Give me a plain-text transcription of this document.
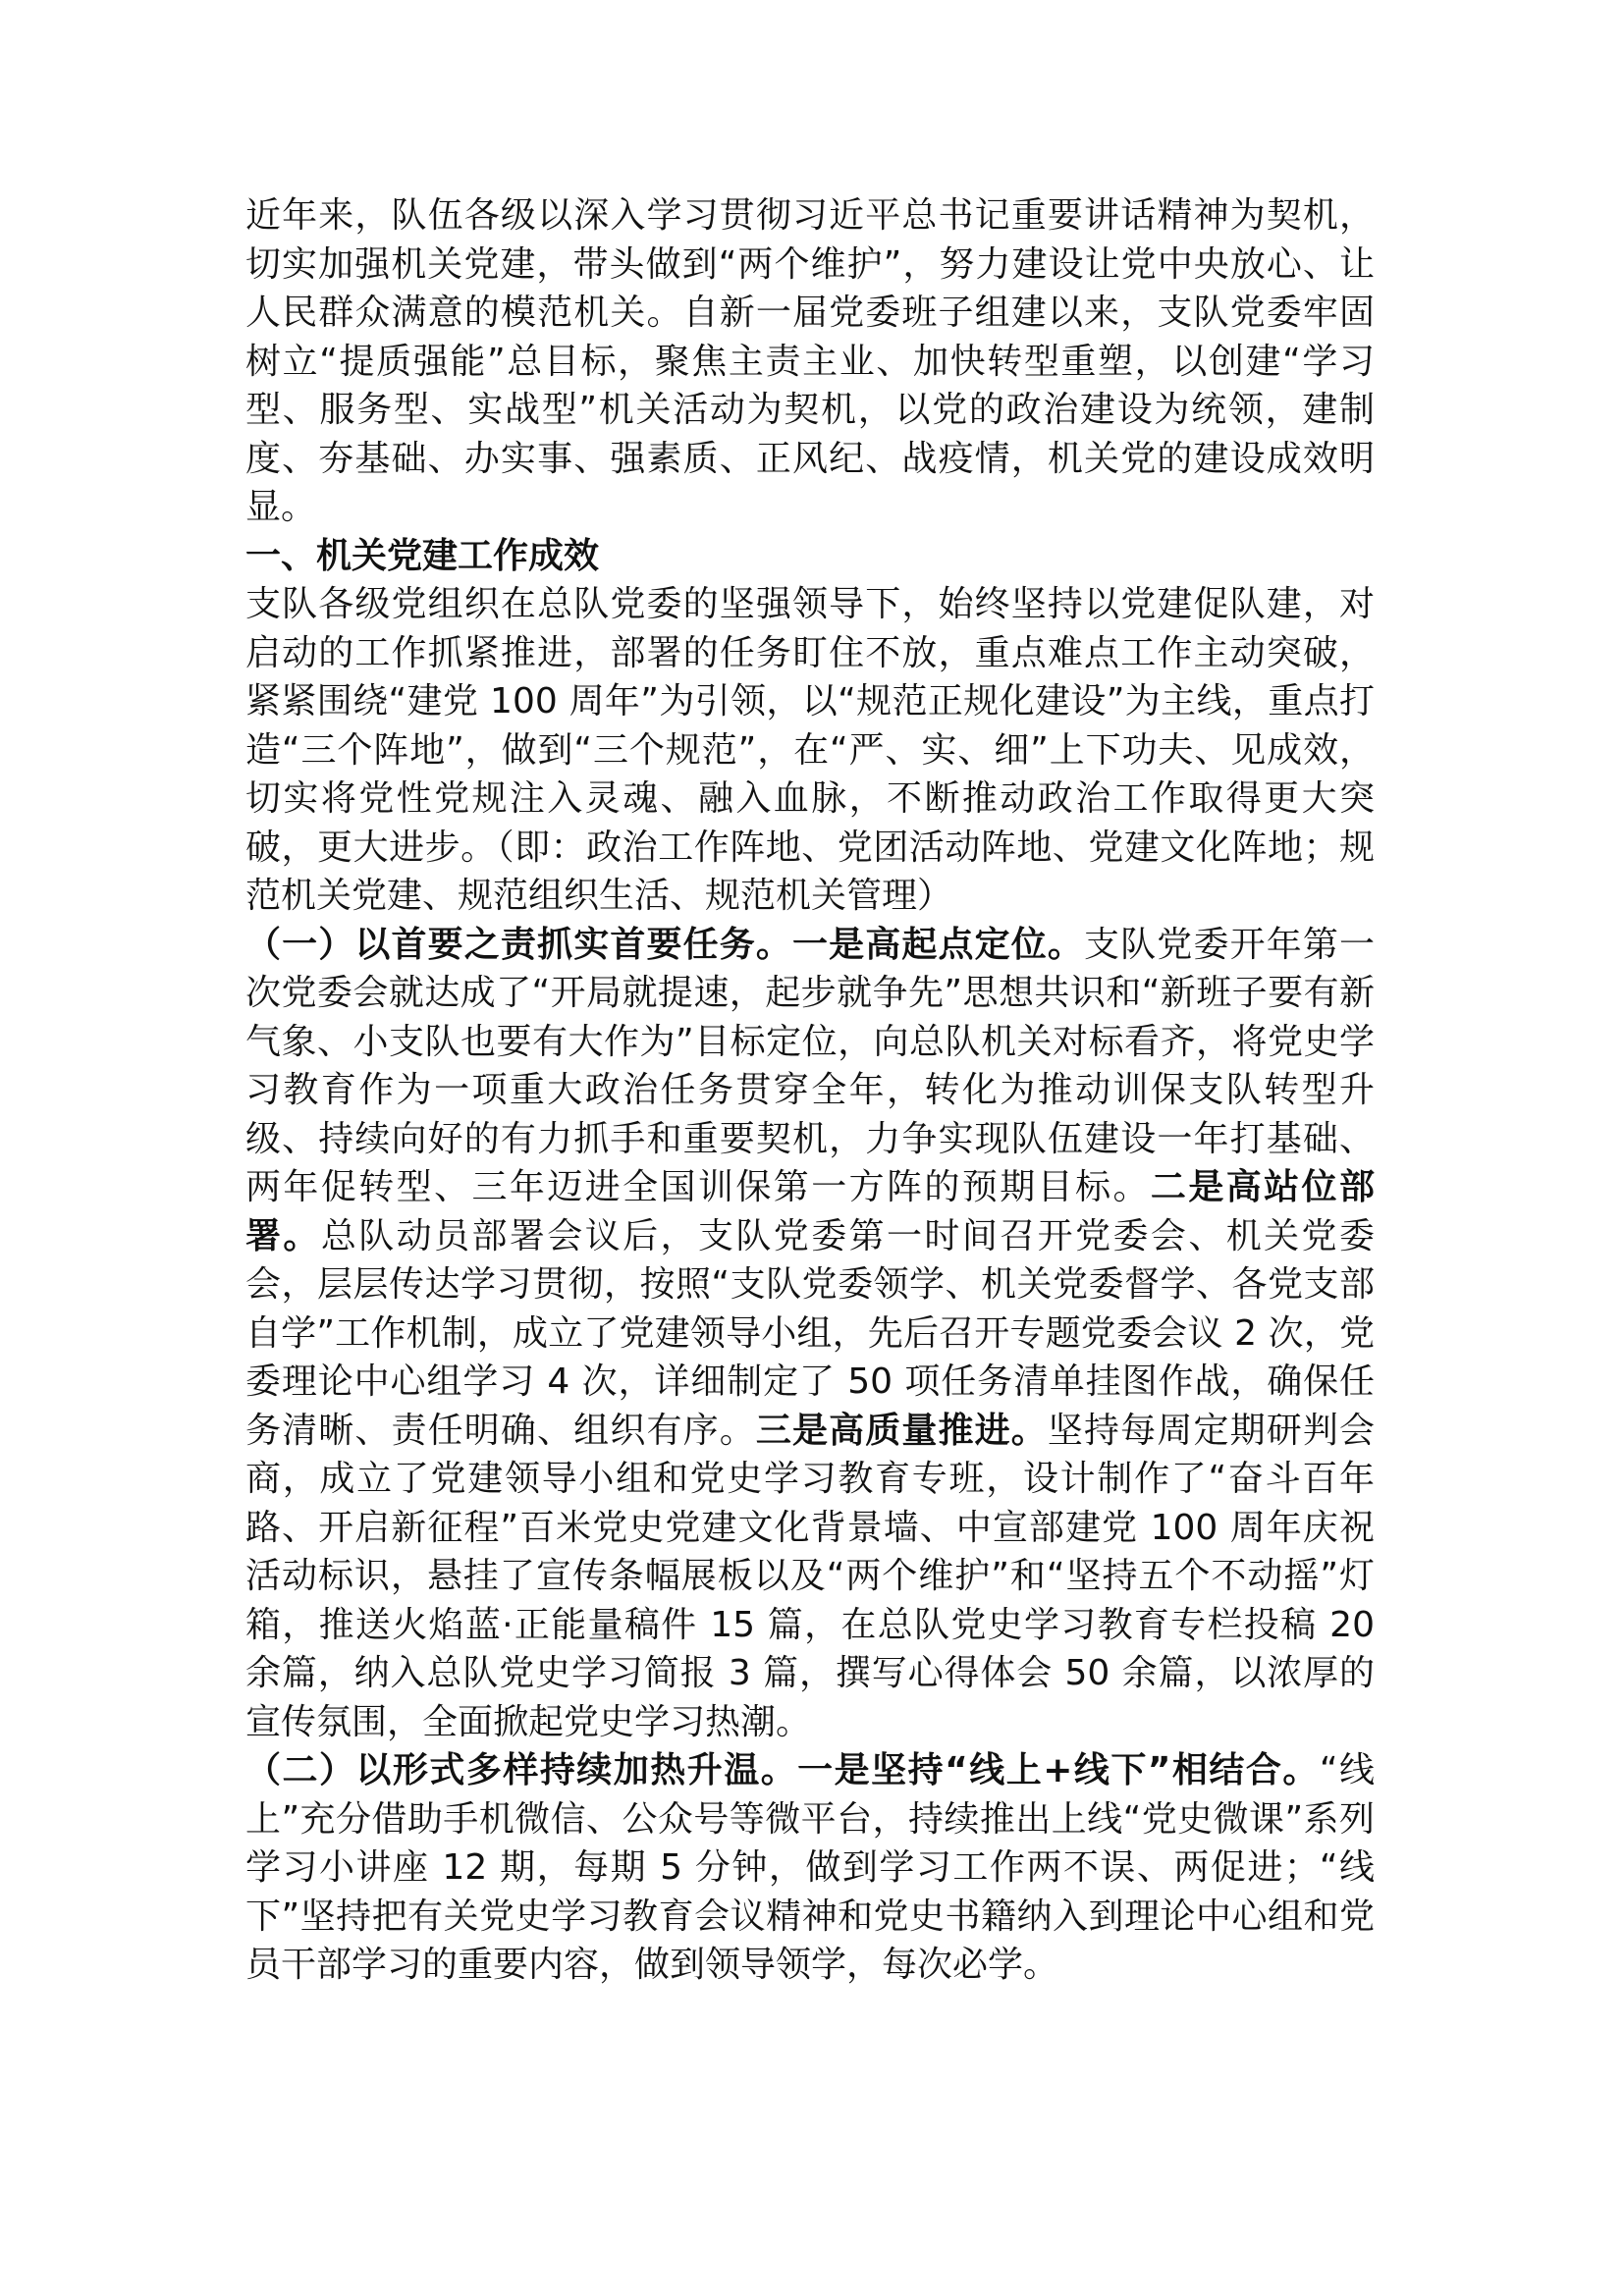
近年来，队伍各级以深入学习贯彻习近平总书记重要讲话精神为契机，切实加强机关党建，带头做到“两个维护”，努力建设让党中央放心、让人民群众满意的模范机关。自新一届党委班子组建以来，支队党委牢固树立“提质强能”总目标，聚焦主责主业、加快转型重塑，以创建“学习型、服务型、实战型”机关活动为契机，以党的政治建设为统领，建制度、夯基础、办实事、强素质、正风纪、战疫情，机关党的建设成效明显。

一、机关党建工作成效

支队各级党组织在总队党委的坚强领导下，始终坚持以党建促队建，对启动的工作抓紧推进，部署的任务盯住不放，重点难点工作主动突破，紧紧围绕“建党 100 周年”为引领，以“规范正规化建设”为主线，重点打造“三个阵地”，做到“三个规范”，在“严、实、细”上下功夫、见成效，切实将党性党规注入灵魂、融入血脉，不断推动政治工作取得更大突破，更大进步。（即：政治工作阵地、党团活动阵地、党建文化阵地；规范机关党建、规范组织生活、规范机关管理）

（一）以首要之责抓实首要任务。一是高起点定位。支队党委开年第一次党委会就达成了“开局就提速，起步就争先”思想共识和“新班子要有新气象、小支队也要有大作为”目标定位，向总队机关对标看齐，将党史学习教育作为一项重大政治任务贯穿全年，转化为推动训保支队转型升级、持续向好的有力抓手和重要契机，力争实现队伍建设一年打基础、两年促转型、三年迈进全国训保第一方阵的预期目标。二是高站位部署。总队动员部署会议后，支队党委第一时间召开党委会、机关党委会，层层传达学习贯彻，按照“支队党委领学、机关党委督学、各党支部自学”工作机制，成立了党建领导小组，先后召开专题党委会议 2 次，党委理论中心组学习 4 次，详细制定了 50 项任务清单挂图作战，确保任务清晰、责任明确、组织有序。三是高质量推进。坚持每周定期研判会商，成立了党建领导小组和党史学习教育专班，设计制作了“奋斗百年路、开启新征程”百米党史党建文化背景墙、中宣部建党 100 周年庆祝活动标识，悬挂了宣传条幅展板以及“两个维护”和“坚持五个不动摇”灯箱，推送火焰蓝·正能量稿件 15 篇，在总队党史学习教育专栏投稿 20 余篇，纳入总队党史学习简报 3 篇，撰写心得体会 50 余篇，以浓厚的宣传氛围，全面掀起党史学习热潮。

（二）以形式多样持续加热升温。一是坚持“线上+线下”相结合。“线上”充分借助手机微信、公众号等微平台，持续推出上线“党史微课”系列学习小讲座 12 期，每期 5 分钟，做到学习工作两不误、两促进；“线下”坚持把有关党史学习教育会议精神和党史书籍纳入到理论中心组和党员干部学习的重要内容，做到领导领学，每次必学。
